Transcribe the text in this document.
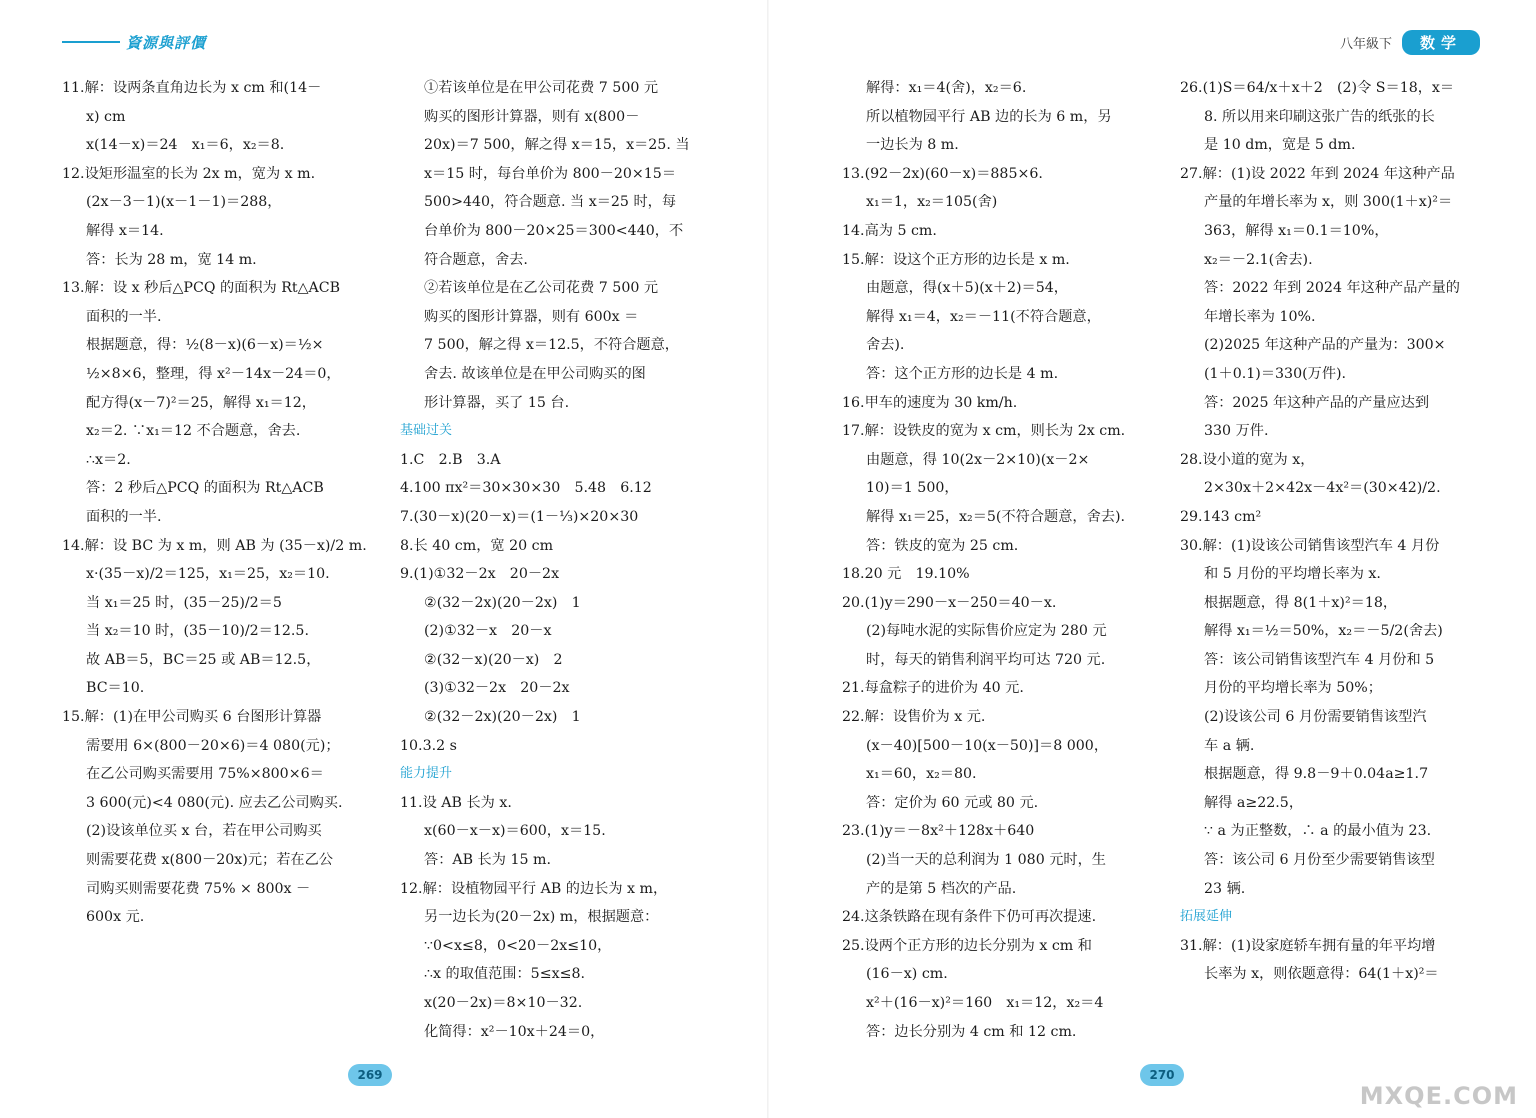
資源與評價	八年級下	数学
11.解：设两条直角边长为 x cm 和(14－
x) cm
x(14－x)＝24　x₁＝6，x₂＝8.
12.设矩形温室的长为 2x m，宽为 x m.
(2x－3－1)(x－1－1)＝288，
解得 x＝14.
答：长为 28 m，宽 14 m.
13.解：设 x 秒后△PCQ 的面积为 Rt△ACB
面积的一半.
根据题意，得：½(8－x)(6－x)＝½×
½×8×6，整理，得 x²－14x－24＝0，
配方得(x－7)²＝25，解得 x₁＝12，
x₂＝2. ∵x₁＝12 不合题意，舍去.
∴x＝2.
答：2 秒后△PCQ 的面积为 Rt△ACB
面积的一半.
14.解：设 BC 为 x m，则 AB 为 (35－x)/2 m.
x·(35－x)/2＝125，x₁＝25，x₂＝10.
当 x₁＝25 时，(35－25)/2＝5
当 x₂＝10 时，(35－10)/2＝12.5.
故 AB＝5，BC＝25 或 AB＝12.5，
BC＝10.
15.解：(1)在甲公司购买 6 台图形计算器
需要用 6×(800－20×6)＝4 080(元)；
在乙公司购买需要用 75%×800×6＝
3 600(元)<4 080(元). 应去乙公司购买.
(2)设该单位买 x 台，若在甲公司购买
则需要花费 x(800－20x)元；若在乙公
司购买则需要花费 75% × 800x －
600x 元.
①若该单位是在甲公司花费 7 500 元
购买的图形计算器，则有 x(800－
20x)＝7 500，解之得 x＝15，x＝25. 当
x＝15 时，每台单价为 800－20×15＝
500>440，符合题意. 当 x＝25 时，每
台单价为 800－20×25＝300<440，不
符合题意，舍去.
②若该单位是在乙公司花费 7 500 元
购买的图形计算器，则有 600x ＝
7 500，解之得 x＝12.5，不符合题意，
舍去. 故该单位是在甲公司购买的图
形计算器，买了 15 台.
基础过关
1.C　2.B　3.A
4.100 πx²＝30×30×30　5.48　6.12
7.(30－x)(20－x)＝(1－⅓)×20×30
8.长 40 cm，宽 20 cm
9.(1)①32－2x　20－2x
②(32－2x)(20－2x)　1
(2)①32－x　20－x
②(32－x)(20－x)　2
(3)①32－2x　20－2x
②(32－2x)(20－2x)　1
10.3.2 s
能力提升
11.设 AB 长为 x.
x(60－x－x)＝600，x＝15.
答：AB 长为 15 m.
12.解：设植物园平行 AB 的边长为 x m，
另一边长为(20－2x) m，根据题意：
∵0<x≤8，0<20－2x≤10，
∴x 的取值范围：5≤x≤8.
x(20－2x)＝8×10－32.
化简得：x²－10x＋24＝0，
解得：x₁＝4(舍)，x₂＝6.
所以植物园平行 AB 边的长为 6 m，另
一边长为 8 m.
13.(92－2x)(60－x)＝885×6.
x₁＝1，x₂＝105(舍)
14.高为 5 cm.
15.解：设这个正方形的边长是 x m.
由题意，得(x＋5)(x＋2)＝54，
解得 x₁＝4，x₂＝－11(不符合题意，
舍去).
答：这个正方形的边长是 4 m.
16.甲车的速度为 30 km/h.
17.解：设铁皮的宽为 x cm，则长为 2x cm.
由题意，得 10(2x－2×10)(x－2×
10)＝1 500，
解得 x₁＝25，x₂＝5(不符合题意，舍去).
答：铁皮的宽为 25 cm.
18.20 元　19.10%
20.(1)y＝290－x－250＝40－x.
(2)每吨水泥的实际售价应定为 280 元
时，每天的销售利润平均可达 720 元.
21.每盒粽子的进价为 40 元.
22.解：设售价为 x 元.
(x－40)[500－10(x－50)]＝8 000，
x₁＝60，x₂＝80.
答：定价为 60 元或 80 元.
23.(1)y＝－8x²＋128x＋640
(2)当一天的总利润为 1 080 元时，生
产的是第 5 档次的产品.
24.这条铁路在现有条件下仍可再次提速.
25.设两个正方形的边长分别为 x cm 和
(16－x) cm.
x²＋(16－x)²＝160　x₁＝12，x₂＝4
答：边长分别为 4 cm 和 12 cm.
26.(1)S＝64/x＋x＋2　(2)令 S＝18，x＝
8. 所以用来印刷这张广告的纸张的长
是 10 dm，宽是 5 dm.
27.解：(1)设 2022 年到 2024 年这种产品
产量的年增长率为 x，则 300(1＋x)²＝
363，解得 x₁＝0.1＝10%，
x₂＝－2.1(舍去).
答：2022 年到 2024 年这种产品产量的
年增长率为 10%.
(2)2025 年这种产品的产量为：300×
(1＋0.1)＝330(万件).
答：2025 年这种产品的产量应达到
330 万件.
28.设小道的宽为 x，
2×30x＋2×42x－4x²＝(30×42)/2.
29.143 cm²
30.解：(1)设该公司销售该型汽车 4 月份
和 5 月份的平均增长率为 x.
根据题意，得 8(1＋x)²＝18，
解得 x₁＝½＝50%，x₂＝－5/2(舍去)
答：该公司销售该型汽车 4 月份和 5
月份的平均增长率为 50%；
(2)设该公司 6 月份需要销售该型汽
车 a 辆.
根据题意，得 9.8－9＋0.04a≥1.7
解得 a≥22.5，
∵ a 为正整数，∴ a 的最小值为 23.
答：该公司 6 月份至少需要销售该型
23 辆.
拓展延伸
31.解：(1)设家庭轿车拥有量的年平均增
长率为 x，则依题意得：64(1＋x)²＝
269	270
MXQE.COM
